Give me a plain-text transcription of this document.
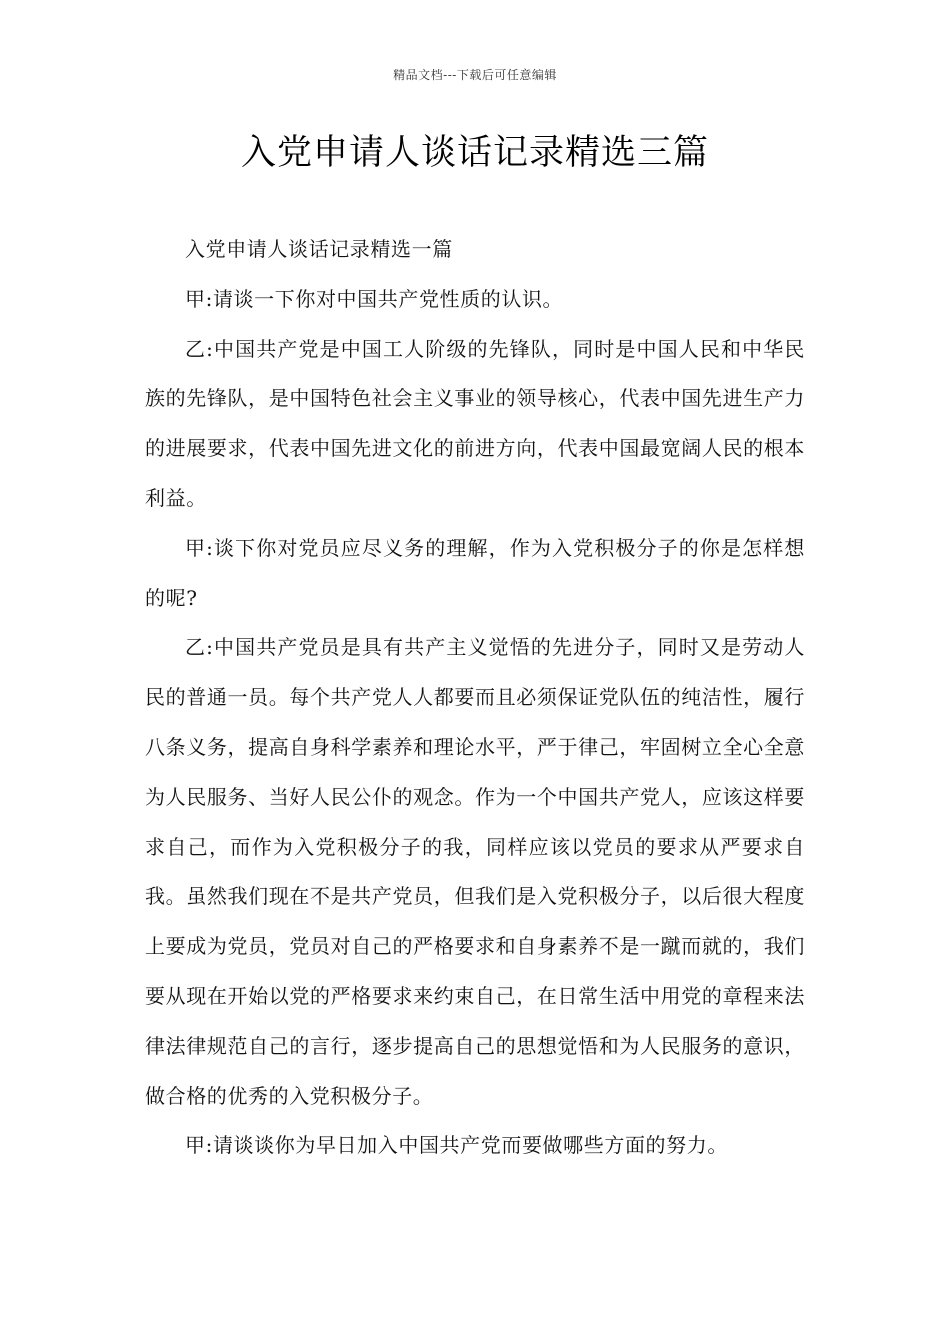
精品文档---下载后可任意编辑
入党申请人谈话记录精选三篇

入党申请人谈话记录精选一篇

甲:请谈一下你对中国共产党性质的认识。

乙:中国共产党是中国工人阶级的先锋队，同时是中国人民和中华民族的先锋队，是中国特色社会主义事业的领导核心，代表中国先进生产力的进展要求，代表中国先进文化的前进方向，代表中国最宽阔人民的根本利益。

甲:谈下你对党员应尽义务的理解，作为入党积极分子的你是怎样想的呢?

乙:中国共产党员是具有共产主义觉悟的先进分子，同时又是劳动人民的普通一员。每个共产党人人都要而且必须保证党队伍的纯洁性，履行八条义务，提高自身科学素养和理论水平，严于律己，牢固树立全心全意为人民服务、当好人民公仆的观念。作为一个中国共产党人，应该这样要求自己，而作为入党积极分子的我，同样应该以党员的要求从严要求自我。虽然我们现在不是共产党员，但我们是入党积极分子，以后很大程度上要成为党员，党员对自己的严格要求和自身素养不是一蹴而就的，我们要从现在开始以党的严格要求来约束自己，在日常生活中用党的章程来法律法律规范自己的言行，逐步提高自己的思想觉悟和为人民服务的意识，做合格的优秀的入党积极分子。

甲:请谈谈你为早日加入中国共产党而要做哪些方面的努力。
